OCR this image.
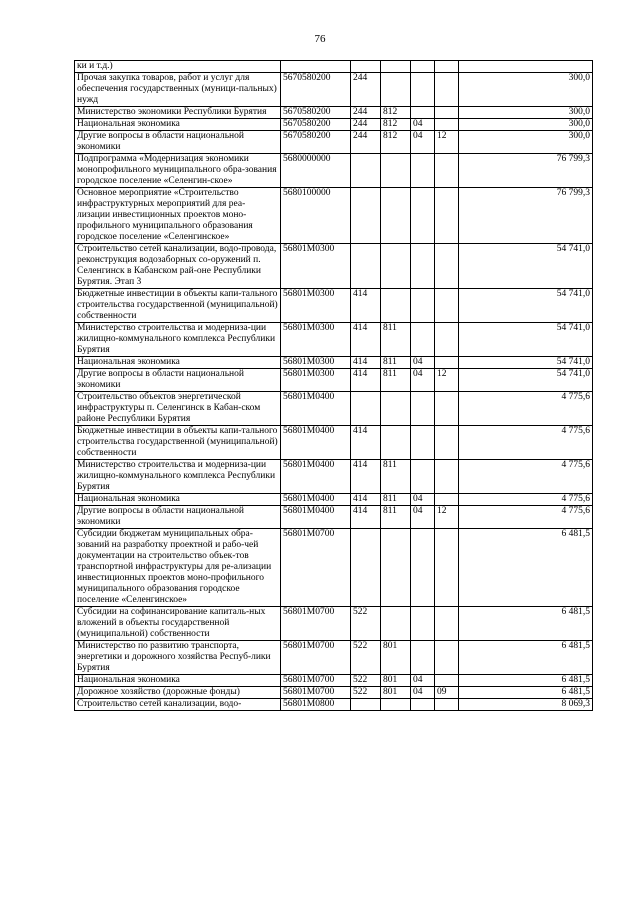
76
ки и т.д.)						
Прочая закупка товаров, работ и услуг для обеспечения государственных (муници-пальных) нужд	5670580200	244				300,0
Министерство экономики Республики Бурятия	5670580200	244	812			300,0
Национальная экономика	5670580200	244	812	04		300,0
Другие вопросы в области национальной экономики	5670580200	244	812	04	12	300,0
Подпрограмма «Модернизация экономики монопрофильного муниципального обра-зования городское поселение «Селенгин-ское»	5680000000					76 799,3
Основное мероприятие «Строительство инфраструктурных мероприятий для реа-лизации инвестиционных проектов моно-профильного муниципального образования городское поселение «Селенгинское»	5680100000					76 799,3
Строительство сетей канализации, водо-провода, реконструкция водозаборных со-оружений п. Селенгинск в Кабанском рай-оне Республики Бурятия. Этап 3	56801M0300					54 741,0
Бюджетные инвестиции в объекты капи-тального строительства государственной (муниципальной) собственности	56801M0300	414				54 741,0
Министерство строительства и модерниза-ции жилищно-коммунального комплекса Республики Бурятия	56801M0300	414	811			54 741,0
Национальная экономика	56801M0300	414	811	04		54 741,0
Другие вопросы в области национальной экономики	56801M0300	414	811	04	12	54 741,0
Строительство объектов энергетической инфраструктуры п. Селенгинск в Кабан-ском районе Республики Бурятия	56801M0400					4 775,6
Бюджетные инвестиции в объекты капи-тального строительства государственной (муниципальной) собственности	56801M0400	414				4 775,6
Министерство строительства и модерниза-ции жилищно-коммунального комплекса Республики Бурятия	56801M0400	414	811			4 775,6
Национальная экономика	56801M0400	414	811	04		4 775,6
Другие вопросы в области национальной экономики	56801M0400	414	811	04	12	4 775,6
Субсидии бюджетам муниципальных обра-зований на разработку проектной и рабо-чей документации на строительство объек-тов транспортной инфраструктуры для ре-ализации инвестиционных проектов моно-профильного муниципального образования городское поселение «Селенгинское»	56801M0700					6 481,5
Субсидии на софинансирование капиталь-ных вложений в объекты государственной (муниципальной) собственности	56801M0700	522				6 481,5
Министерство по развитию транспорта, энергетики и дорожного хозяйства Респуб-лики Бурятия	56801M0700	522	801			6 481,5
Национальная экономика	56801M0700	522	801	04		6 481,5
Дорожное хозяйство (дорожные фонды)	56801M0700	522	801	04	09	6 481,5
Строительство сетей канализации, водо-	56801M0800					8 069,3
